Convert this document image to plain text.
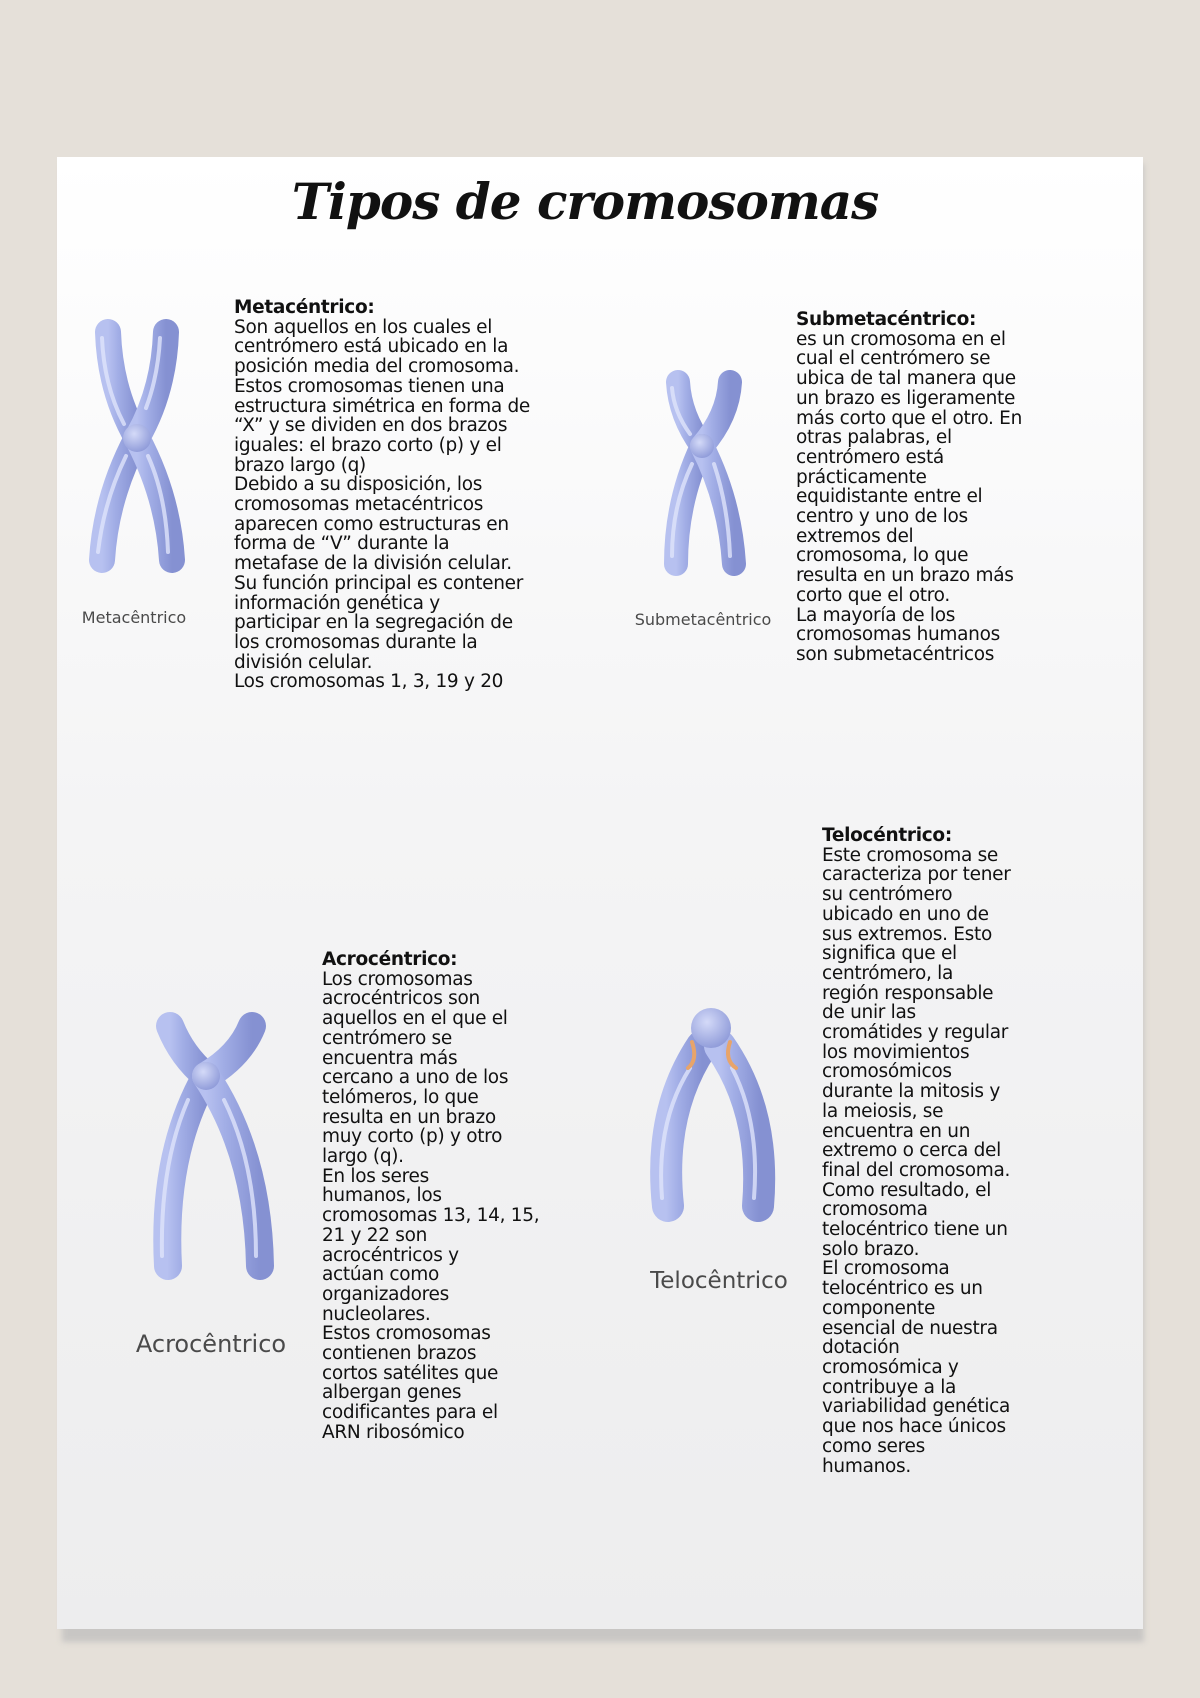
Tipos de cromosomas
Metacêntrico

Metacéntrico:
Son aquellos en los cuales el
centrómero está ubicado en la
posición media del cromosoma.
Estos cromosomas tienen una
estructura simétrica en forma de
“X” y se dividen en dos brazos
iguales: el brazo corto (p) y el
brazo largo (q)
Debido a su disposición, los
cromosomas metacéntricos
aparecen como estructuras en
forma de “V” durante la
metafase de la división celular.
Su función principal es contener
información genética y
participar en la segregación de
los cromosomas durante la
división celular.
Los cromosomas 1, 3, 19 y 20

Submetacêntrico

Submetacéntrico:
es un cromosoma en el
cual el centrómero se
ubica de tal manera que
un brazo es ligeramente
más corto que el otro. En
otras palabras, el
centrómero está
prácticamente
equidistante entre el
centro y uno de los
extremos del
cromosoma, lo que
resulta en un brazo más
corto que el otro.
La mayoría de los
cromosomas humanos
son submetacéntricos

Acrocêntrico

Acrocéntrico:
Los cromosomas
acrocéntricos son
aquellos en el que el
centrómero se
encuentra más
cercano a uno de los
telómeros, lo que
resulta en un brazo
muy corto (p) y otro
largo (q).
En los seres
humanos, los
cromosomas 13, 14, 15,
21 y 22 son
acrocéntricos y
actúan como
organizadores
nucleolares.
Estos cromosomas
contienen brazos
cortos satélites que
albergan genes
codificantes para el
ARN ribosómico

Telocêntrico

Telocéntrico:
Este cromosoma se
caracteriza por tener
su centrómero
ubicado en uno de
sus extremos. Esto
significa que el
centrómero, la
región responsable
de unir las
cromátides y regular
los movimientos
cromosómicos
durante la mitosis y
la meiosis, se
encuentra en un
extremo o cerca del
final del cromosoma.
Como resultado, el
cromosoma
telocéntrico tiene un
solo brazo.
El cromosoma
telocéntrico es un
componente
esencial de nuestra
dotación
cromosómica y
contribuye a la
variabilidad genética
que nos hace únicos
como seres
humanos.
